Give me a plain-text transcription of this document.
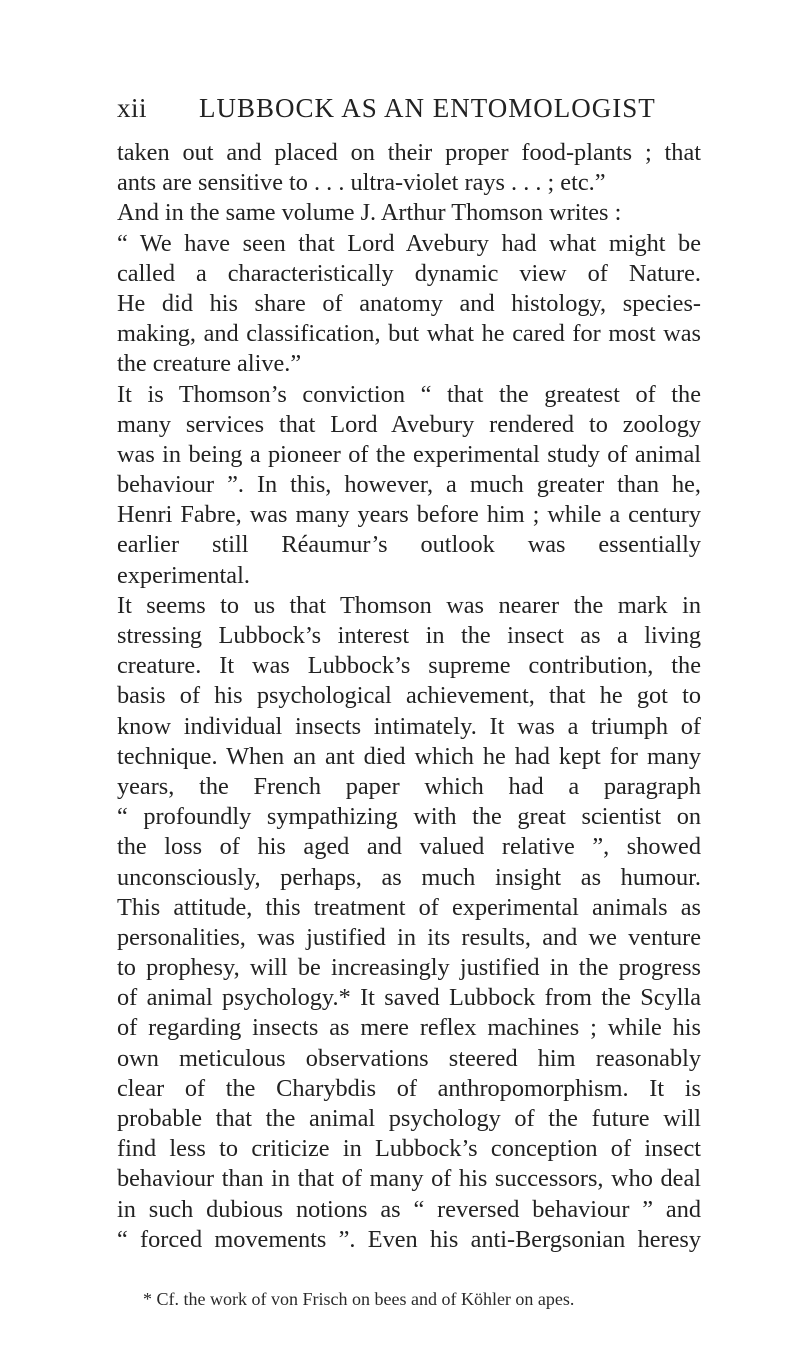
xii LUBBOCK AS AN ENTOMOLOGIST
taken out and placed on their proper food-plants ; that
ants are sensitive to . . . ultra-violet rays . . . ; etc.”
And in the same volume J. Arthur Thomson writes :
“ We have seen that Lord Avebury had what might be
called a characteristically dynamic view of Nature.
He did his share of anatomy and histology, species-
making, and classification, but what he cared for most was
the creature alive.”
It is Thomson’s conviction “ that the greatest of the
many services that Lord Avebury rendered to zoology
was in being a pioneer of the experimental study of animal
behaviour ”. In this, however, a much greater than he,
Henri Fabre, was many years before him ; while a century
earlier still Réaumur’s outlook was essentially
experimental.
It seems to us that Thomson was nearer the mark in
stressing Lubbock’s interest in the insect as a living
creature. It was Lubbock’s supreme contribution, the
basis of his psychological achievement, that he got to
know individual insects intimately. It was a triumph of
technique. When an ant died which he had kept for many
years, the French paper which had a paragraph
“ profoundly sympathizing with the great scientist on
the loss of his aged and valued relative ”, showed
unconsciously, perhaps, as much insight as humour.
This attitude, this treatment of experimental animals as
personalities, was justified in its results, and we venture
to prophesy, will be increasingly justified in the progress
of animal psychology.* It saved Lubbock from the Scylla
of regarding insects as mere reflex machines ; while his
own meticulous observations steered him reasonably
clear of the Charybdis of anthropomorphism. It is
probable that the animal psychology of the future will
find less to criticize in Lubbock’s conception of insect
behaviour than in that of many of his successors, who deal
in such dubious notions as “ reversed behaviour ” and
“ forced movements ”. Even his anti-Bergsonian heresy
* Cf. the work of von Frisch on bees and of Köhler on apes.
